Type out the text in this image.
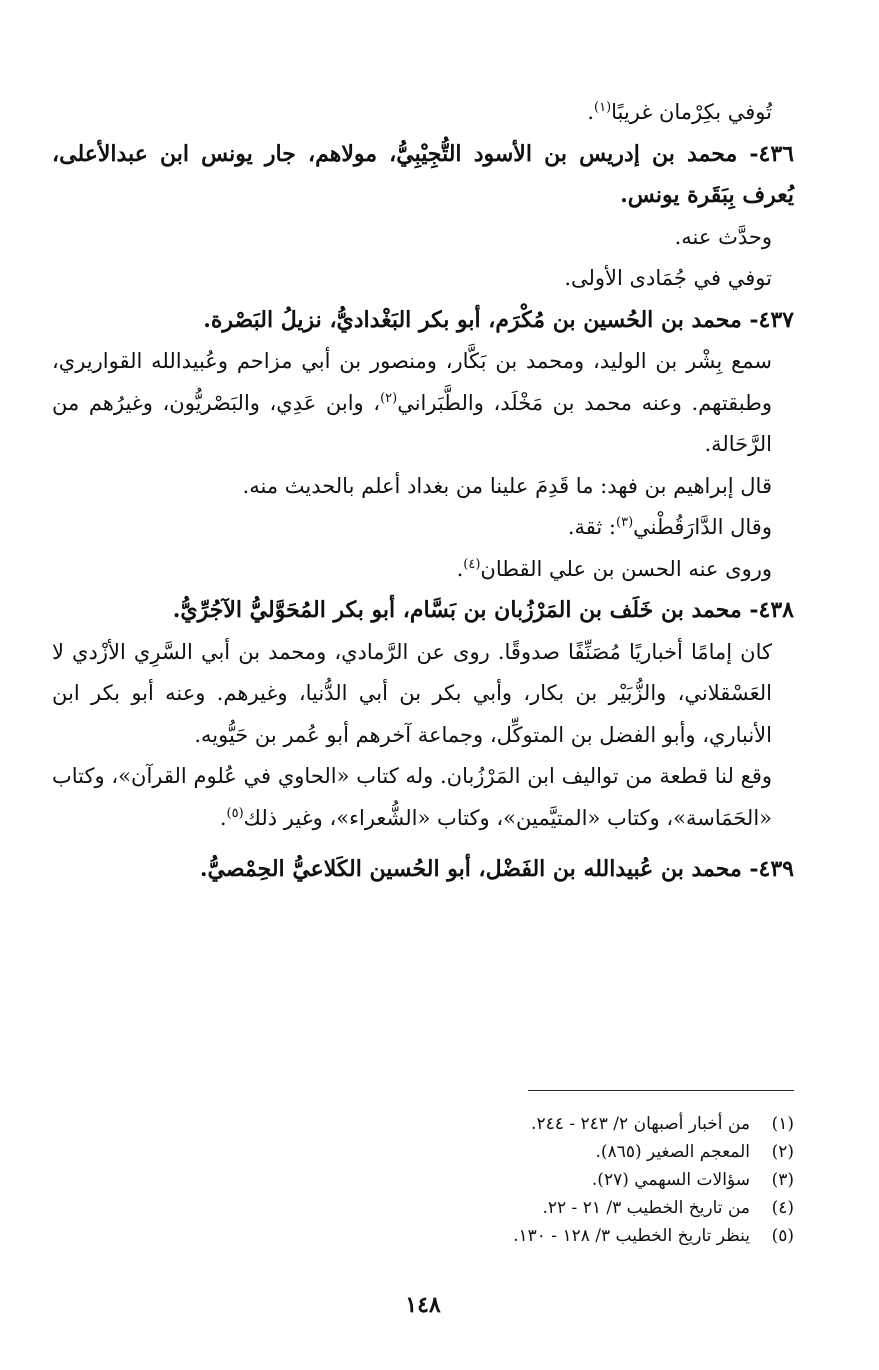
تُوفي بكِرْمان غريبًا$^{(١)}$.

٤٣٦- محمد بن إدريس بن الأسود التُّجِيْبِيُّ، مولاهم، جار يونس ابن عبدالأعلى، يُعرف بِبَقَرة يونس.

وحدَّث عنه.

توفي في جُمَادى الأولى.

٤٣٧- محمد بن الحُسين بن مُكْرَم، أبو بكر البَغْداديُّ، نزيلُ البَصْرة.

سمع بِشْر بن الوليد، ومحمد بن بَكَّار، ومنصور بن أبي مزاحم وعُبيدالله القواريري، وطبقتهم. وعنه محمد بن مَخْلَد، والطَّبَراني$^{(٢)}$، وابن عَدِي، والبَصْريُّون، وغيرُهم من الرَّحَالة.

قال إبراهيم بن فهد: ما قَدِمَ علينا من بغداد أعلم بالحديث منه.

وقال الدَّارَقُطْني$^{(٣)}$: ثقة.

وروى عنه الحسن بن علي القطان$^{(٤)}$.

٤٣٨- محمد بن خَلَف بن المَرْزُبان بن بَسَّام، أبو بكر المُحَوَّليُّ الآجُرِّيُّ.

كان إمامًا أخباريًا مُصَنِّفًا صدوقًا. روى عن الرَّمادي، ومحمد بن أبي السَّرِي الأزْدي لا العَسْقلاني، والزُّبَيْر بن بكار، وأبي بكر بن أبي الدُّنيا، وغيرهم. وعنه أبو بكر ابن الأنباري، وأبو الفضل بن المتوكِّل، وجماعة آخرهم أبو عُمر بن حَيُّويه.

وقع لنا قطعة من تواليف ابن المَرْزُبان. وله كتاب «الحاوي في عُلوم القرآن»، وكتاب «الحَمَاسة»، وكتاب «المتيَّمين»، وكتاب «الشُّعراء»، وغير ذلك$^{(٥)}$.

٤٣٩- محمد بن عُبيدالله بن الفَضْل، أبو الحُسين الكَلاعيُّ الحِمْصيُّ.

(١)من أخبار أصبهان ٢/ ٢٤٣ - ٢٤٤.
(٢)المعجم الصغير (٨٦٥).
(٣)سؤالات السهمي (٢٧).
(٤)من تاريخ الخطيب ٣/ ٢١ - ٢٢.
(٥)ينظر تاريخ الخطيب ٣/ ١٢٨ - ١٣٠.
١٤٨
